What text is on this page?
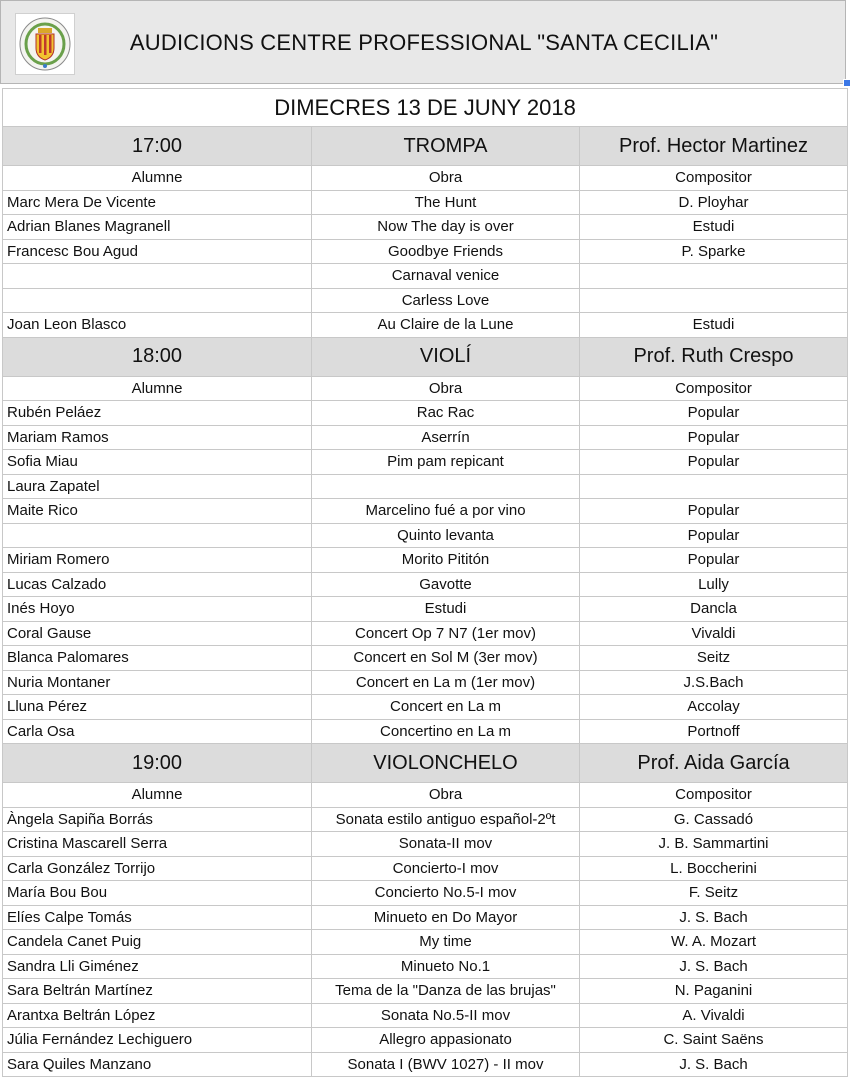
AUDICIONS CENTRE PROFESSIONAL "SANTA CECILIA"
DIMECRES 13 DE JUNY 2018		
17:00	TROMPA	Prof. Hector Martinez
Alumne	Obra	Compositor
Marc Mera De Vicente	The Hunt	D. Ployhar
Adrian Blanes Magranell	Now The day is over	Estudi
Francesc Bou Agud	Goodbye Friends	P. Sparke
	Carnaval venice	
	Carless Love	
Joan Leon Blasco	Au Claire de la Lune	Estudi
18:00	VIOLÍ	Prof. Ruth Crespo
Alumne	Obra	Compositor
Rubén Peláez	Rac Rac	Popular
Mariam Ramos	Aserrín	Popular
Sofia Miau	Pim pam repicant	Popular
Laura Zapatel		
Maite Rico	Marcelino fué a por vino	Popular
	Quinto levanta	Popular
Miriam Romero	Morito Pititón	Popular
Lucas Calzado	Gavotte	Lully
Inés Hoyo	Estudi	Dancla
Coral Gause	Concert Op 7 N7 (1er mov)	Vivaldi
Blanca Palomares	Concert en Sol M (3er mov)	Seitz
Nuria Montaner	Concert en La m (1er mov)	J.S.Bach
Lluna Pérez	Concert en La m	Accolay
Carla Osa	Concertino en La m	Portnoff
19:00	VIOLONCHELO	Prof. Aida García
Alumne	Obra	Compositor
Àngela Sapiña Borrás	Sonata estilo antiguo español-2ºt	G. Cassadó
Cristina Mascarell Serra	Sonata-II mov	J. B. Sammartini
Carla González Torrijo	Concierto-I mov	L. Boccherini
María Bou Bou	Concierto No.5-I mov	F. Seitz
Elíes Calpe Tomás	Minueto en Do Mayor	J. S. Bach
Candela Canet Puig	My time	W. A. Mozart
Sandra Lli Giménez	Minueto No.1	J. S. Bach
Sara Beltrán Martínez	Tema de la "Danza de las brujas"	N. Paganini
Arantxa Beltrán López	Sonata No.5-II mov	A. Vivaldi
Júlia Fernández Lechiguero	Allegro appasionato	C. Saint Saëns
Sara Quiles Manzano	Sonata I (BWV 1027) - II mov	J. S. Bach
